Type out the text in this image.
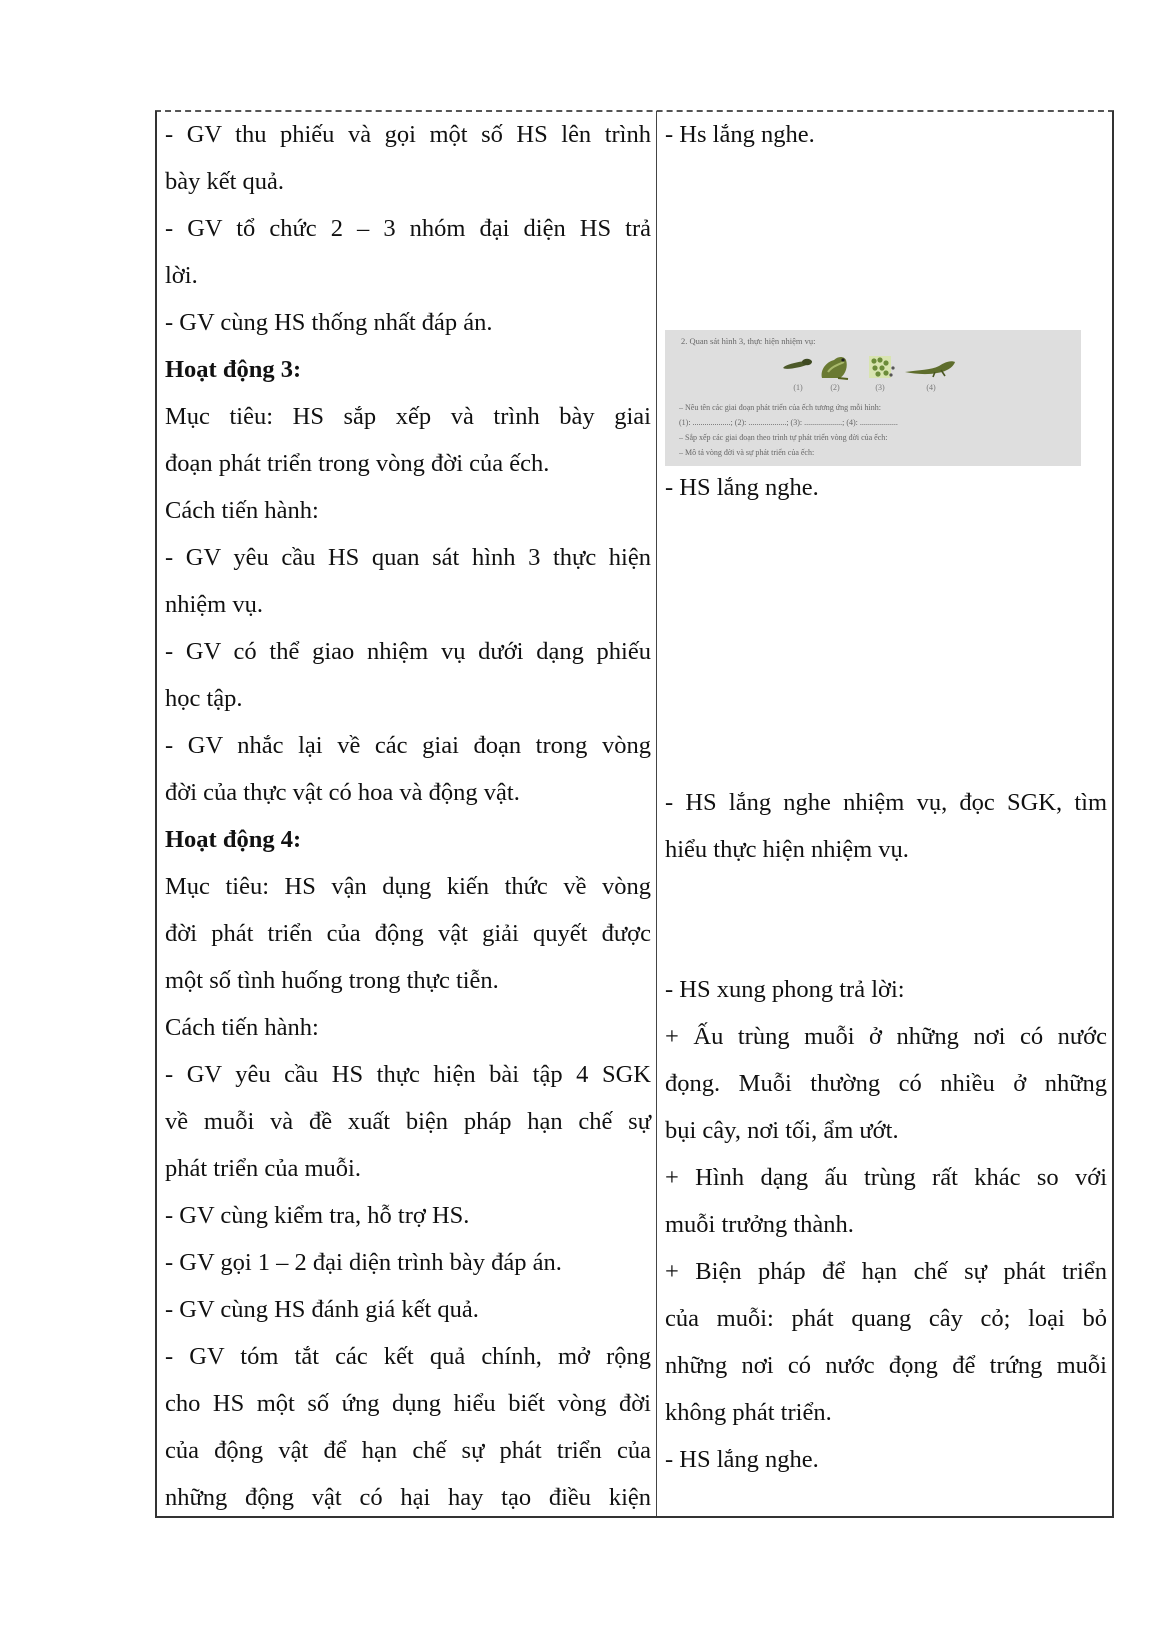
- GV thu phiếu và gọi một số HS lên trình
bày kết quả.
- GV tổ chức 2 – 3 nhóm đại diện HS trả
lời.
- GV cùng HS thống nhất đáp án.
Hoạt động 3:
Mục tiêu: HS sắp xếp và trình bày giai
đoạn phát triển trong vòng đời của ếch.
Cách tiến hành:
- GV yêu cầu HS quan sát hình 3 thực hiện
nhiệm vụ.
- GV có thể giao nhiệm vụ dưới dạng phiếu
học tập.
- GV nhắc lại về các giai đoạn trong vòng
đời của thực vật có hoa và động vật.
Hoạt động 4:
Mục tiêu: HS vận dụng kiến thức về vòng
đời phát triển của động vật giải quyết được
một số tình huống trong thực tiễn.
Cách tiến hành:
- GV yêu cầu HS thực hiện bài tập 4 SGK
về muỗi và đề xuất biện pháp hạn chế sự
phát triển của muỗi.
- GV cùng kiểm tra, hỗ trợ HS.
- GV gọi 1 – 2 đại diện trình bày đáp án.
- GV cùng HS đánh giá kết quả.
- GV tóm tắt các kết quả chính, mở rộng
cho HS một số ứng dụng hiểu biết vòng đời
của động vật để hạn chế sự phát triển của
những động vật có hại hay tạo điều kiện
- Hs lắng nghe.
2. Quan sát hình 3, thực hiện nhiệm vụ:
(1)	(2)	(3)	(4)
– Nêu tên các giai đoạn phát triển của ếch tương ứng mỗi hình:
(1): ...................; (2): ...................; (3): ...................; (4): ...................
– Sắp xếp các giai đoạn theo trình tự phát triển vòng đời của ếch:
– Mô tả vòng đời và sự phát triển của ếch:
- HS lắng nghe.
- HS lắng nghe nhiệm vụ, đọc SGK, tìm
hiểu thực hiện nhiệm vụ.
- HS xung phong trả lời:
+ Ấu trùng muỗi ở những nơi có nước
đọng. Muỗi thường có nhiều ở những
bụi cây, nơi tối, ẩm ướt.
+ Hình dạng ấu trùng rất khác so với
muỗi trưởng thành.
+ Biện pháp để hạn chế sự phát triển
của muỗi: phát quang cây cỏ; loại bỏ
những nơi có nước đọng để trứng muỗi
không phát triển.
- HS lắng nghe.
